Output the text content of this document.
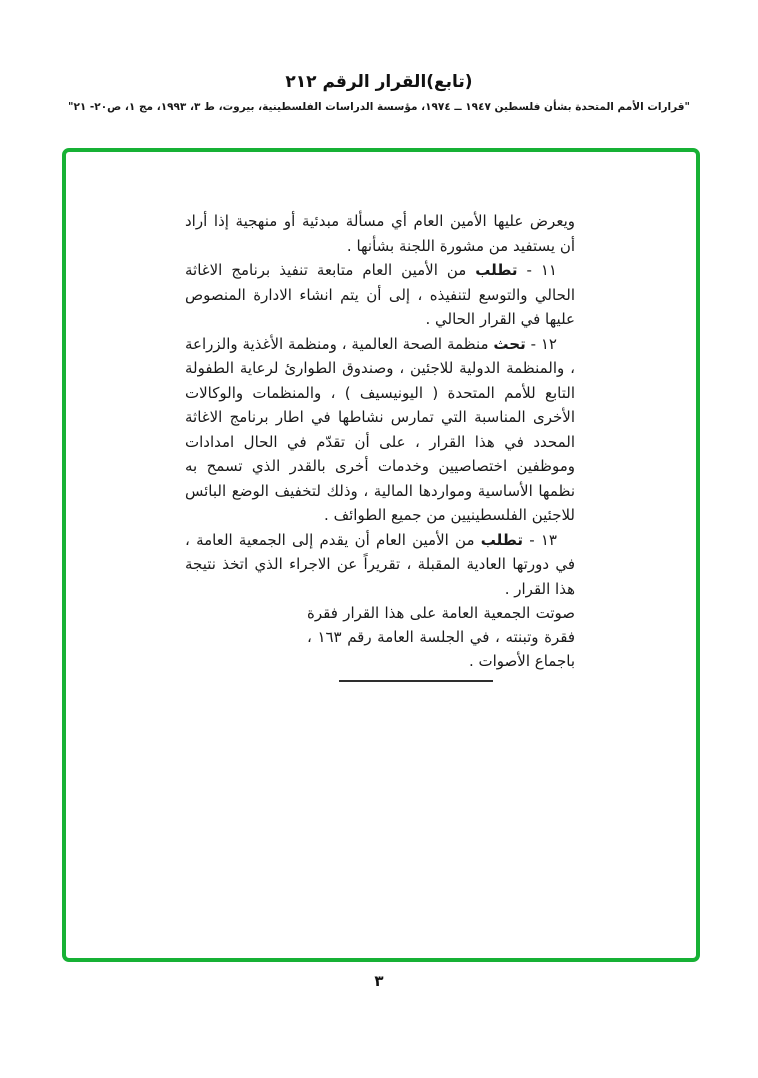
(تابع)القرار الرقم ٢١٢
"قرارات الأمم المتحدة بشأن فلسطين ١٩٤٧ ــ ١٩٧٤، مؤسسة الدراسات الفلسطينية، بيروت، ط ٣، ١٩٩٣، مج ١، ص٢٠- ٢١"

ويعرض عليها الأمين العام أي مسألة مبدئية أو منهجية إذا أراد أن يستفيد من مشورة اللجنة بشأنها .

١١ - تطلب من الأمين العام متابعة تنفيذ برنامج الاغاثة الحالي والتوسع لتنفيذه ، إلى أن يتم انشاء الادارة المنصوص عليها في القرار الحالي .

١٢ - تحث منظمة الصحة العالمية ، ومنظمة الأغذية والزراعة ، والمنظمة الدولية للاجئين ، وصندوق الطوارئ لرعاية الطفولة التابع للأمم المتحدة ( اليونيسيف ) ، والمنظمات والوكالات الأخرى المناسبة التي تمارس نشاطها في اطار برنامج الاغاثة المحدد في هذا القرار ، على أن تقدّم في الحال امدادات وموظفين اختصاصيين وخدمات أخرى بالقدر الذي تسمح به نظمها الأساسية ومواردها المالية ، وذلك لتخفيف الوضع البائس للاجئين الفلسطينيين من جميع الطوائف .

١٣ - تطلب من الأمين العام أن يقدم إلى الجمعية العامة ، في دورتها العادية المقبلة ، تقريراً عن الاجراء الذي اتخذ نتيجة هذا القرار .

صوتت الجمعية العامة على هذا القرار فقرة فقرة وتبنته ، في الجلسة العامة رقم ١٦٣ ، باجماع الأصوات .

٣
